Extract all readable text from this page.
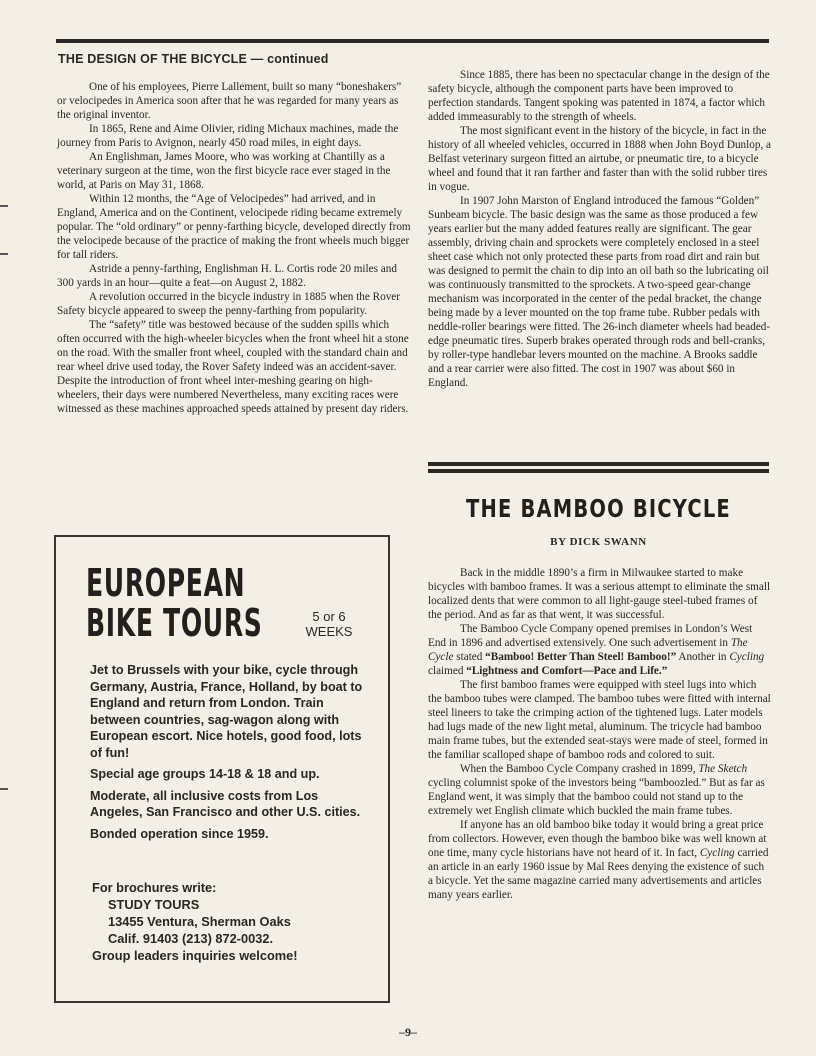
THE DESIGN OF THE BICYCLE — continued

One of his employees, Pierre Lallement, built so many “boneshakers” or velocipedes in America soon after that he was regarded for many years as the original inventor.

In 1865, Rene and Aime Olivier, riding Michaux machines, made the journey from Paris to Avignon, nearly 450 road miles, in eight days.

An Englishman, James Moore, who was working at Chantilly as a veterinary surgeon at the time, won the first bicycle race ever staged in the world, at Paris on May 31, 1868.

Within 12 months, the “Age of Velocipedes” had arrived, and in England, America and on the Continent, velocipede riding became extremely popular. The “old ordinary” or penny-farthing bicycle, developed directly from the velocipede because of the practice of making the front wheels much bigger for tall riders.

Astride a penny-farthing, Englishman H. L. Cortis rode 20 miles and 300 yards in an hour—quite a feat—on August 2, 1882.

A revolution occurred in the bicycle industry in 1885 when the Rover Safety bicycle appeared to sweep the penny-farthing from popularity.

The “safety” title was bestowed because of the sudden spills which often occurred with the high-wheeler bicycles when the front wheel hit a stone on the road. With the smaller front wheel, coupled with the standard chain and rear wheel drive used today, the Rover Safety indeed was an accident-saver. Despite the introduction of front wheel inter-meshing gearing on high-wheelers, their days were numbered Nevertheless, many exciting races were witnessed as these machines approached speeds attained by present day riders.

Since 1885, there has been no spectacular change in the design of the safety bicycle, although the component parts have been improved to perfection standards. Tangent spoking was patented in 1874, a factor which added immeasurably to the strength of wheels.

The most significant event in the history of the bicycle, in fact in the history of all wheeled vehicles, occurred in 1888 when John Boyd Dunlop, a Belfast veterinary surgeon fitted an airtube, or pneumatic tire, to a bicycle wheel and found that it ran farther and faster than with the solid rubber tires in vogue.

In 1907 John Marston of England introduced the famous “Golden” Sunbeam bicycle. The basic design was the same as those produced a few years earlier but the many added features really are significant. The gear assembly, driving chain and sprockets were completely enclosed in a steel sheet case which not only protected these parts from road dirt and rain but was designed to permit the chain to dip into an oil bath so the lubricating oil was continuously transmitted to the sprockets. A two-speed gear-change mechanism was incorporated in the center of the pedal bracket, the change being made by a lever mounted on the top frame tube. Rubber pedals with neddle-roller bearings were fitted. The 26-inch diameter wheels had beaded-edge pneumatic tires. Superb brakes operated through rods and bell-cranks, by roller-type handlebar levers mounted on the machine. A Brooks saddle and a rear carrier were also fitted. The cost in 1907 was about $60 in England.

THE BAMBOO BICYCLE

BY DICK SWANN

Back in the middle 1890’s a firm in Milwaukee started to make bicycles with bamboo frames. It was a serious attempt to eliminate the small localized dents that were common to all light-gauge steel-tubed frames of the period. And as far as that went, it was successful.

The Bamboo Cycle Company opened premises in London’s West End in 1896 and advertised extensively. One such advertisement in The Cycle stated “Bamboo! Better Than Steel! Bamboo!” Another in Cycling claimed “Lightness and Comfort—Pace and Life.”

The first bamboo frames were equipped with steel lugs into which the bamboo tubes were clamped. The bamboo tubes were fitted with internal steel lineers to take the crimping action of the tightened lugs. Later models had lugs made of the new light metal, aluminum. The tricycle had bamboo main frame tubes, but the extended seat-stays were made of steel, formed in the familiar scalloped shape of bamboo rods and colored to suit.

When the Bamboo Cycle Company crashed in 1899, The Sketch cycling columnist spoke of the investors being “bamboozled.” But as far as England went, it was simply that the bamboo could not stand up to the extremely wet English climate which buckled the main frame tubes.

If anyone has an old bamboo bike today it would bring a great price from collectors. However, even though the bamboo bike was well known at one time, many cycle historians have not heard of it. In fact, Cycling carried an article in an early 1960 issue by Mal Rees denying the existence of such a bicycle. Yet the same magazine carried many advertisements and articles many years earlier.

EUROPEAN
BIKE TOURS	5 or 6
WEEKS

Jet to Brussels with your bike, cycle through Germany, Austria, France, Holland, by boat to England and return from London. Train between countries, sag-wagon along with European escort. Nice hotels, good food, lots of fun!

Special age groups 14-18 & 18 and up.

Moderate, all inclusive costs from Los Angeles, San Francisco and other U.S. cities.

Bonded operation since 1959.

For brochures write:

STUDY TOURS

13455 Ventura, Sherman Oaks

Calif. 91403 (213) 872-0032.

Group leaders inquiries welcome!

–9–
